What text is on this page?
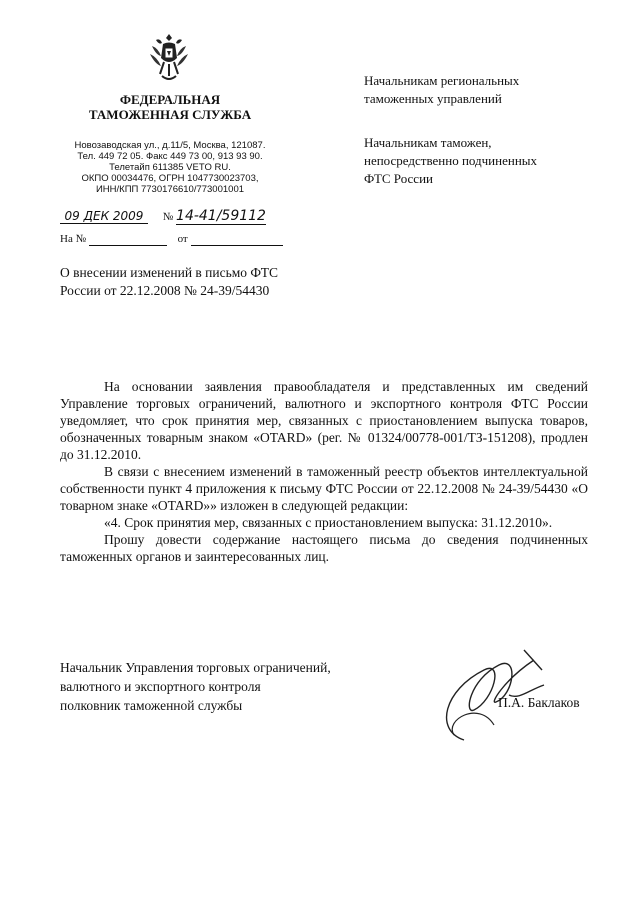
ФЕДЕРАЛЬНАЯ
ТАМОЖЕННАЯ СЛУЖБА
Новозаводская ул., д.11/5, Москва, 121087.
Тел. 449 72 05. Факс 449 73 00, 913 93 90.
Телетайп 611385 VETO RU.
ОКПО 00034476, ОГРН 1047730023703,
ИНН/КПП 7730176610/773001001
09 ДЕК 2009 № 14-41/59112
На №	от
Начальникам региональных
таможенных управлений
Начальникам таможен,
непосредственно подчиненных
ФТС России
О внесении изменений в письмо ФТС России от 22.12.2008 № 24-39/54430

На основании заявления правообладателя и представленных им сведений Управление торговых ограничений, валютного и экспортного контроля ФТС России уведомляет, что срок принятия мер, связанных с приостановлением выпуска товаров, обозначенных товарным знаком «OTARD» (рег. № 01324/00778-001/ТЗ-151208), продлен до 31.12.2010.

В связи с внесением изменений в таможенный реестр объектов интеллектуальной собственности пункт 4 приложения к письму ФТС России от 22.12.2008 № 24-39/54430 «О товарном знаке «OTARD»» изложен в следующей редакции:

«4. Срок принятия мер, связанных с приостановлением выпуска: 31.12.2010».

Прошу довести содержание настоящего письма до сведения подчиненных таможенных органов и заинтересованных лиц.

Начальник Управления торговых ограничений,
валютного и экспортного контроля
полковник таможенной службы	П.А. Баклаков
